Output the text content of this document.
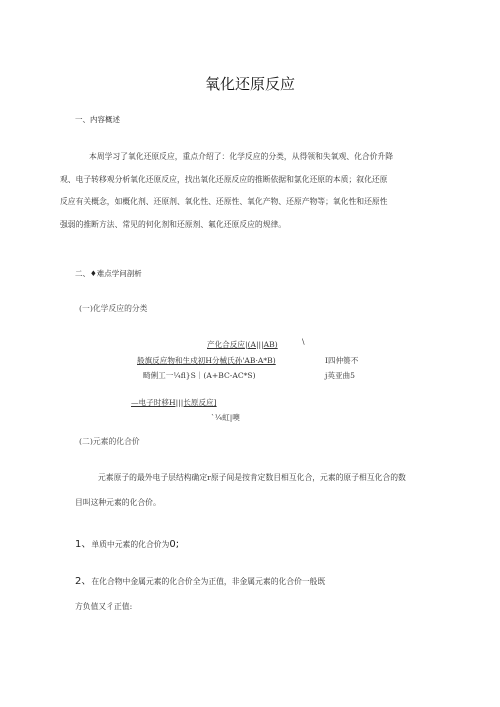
氧化还原反应
一、内容概述
本周学习了氧化还原反应，重点介绍了：化学反应的分类，从得领和失氧观、化合价升降
观、电子转移观分析氧化还原反应，找出氧化还原反应的推断依据和氯化还原的本质；叙化还原
反应有关概念，如概化剂、还原剂、氧化性、还原性、氧化产物、还原产物等；氧化性和还原性
强弱的推断方法、常见的何化剂和还原剂、氟化还原反应的规律。
二、♦难点学问剖析
(一)化学反应的分类
产化合反应|(A|||AB)	\
般旗反应物和生戍初H分械氏孙'AB·A*B)	I四仲篑不
畸俐工一¼fl}S｜(A+BC-AC*S)	j英亚曲5
—电子时移H|||长原反应]
`¼虹|噢
(二)元素的化合价
元素原子的最外电子层结构确定r原子间是按肯定数目相互化合，元素的原子相互化合的数
目叫这种元素的化合价。
1、单质中元素的化合价为0;
2、在化合物中金属元素的化合价全为正值，非金属元素的化合价一般既
方负值又彳正值:
